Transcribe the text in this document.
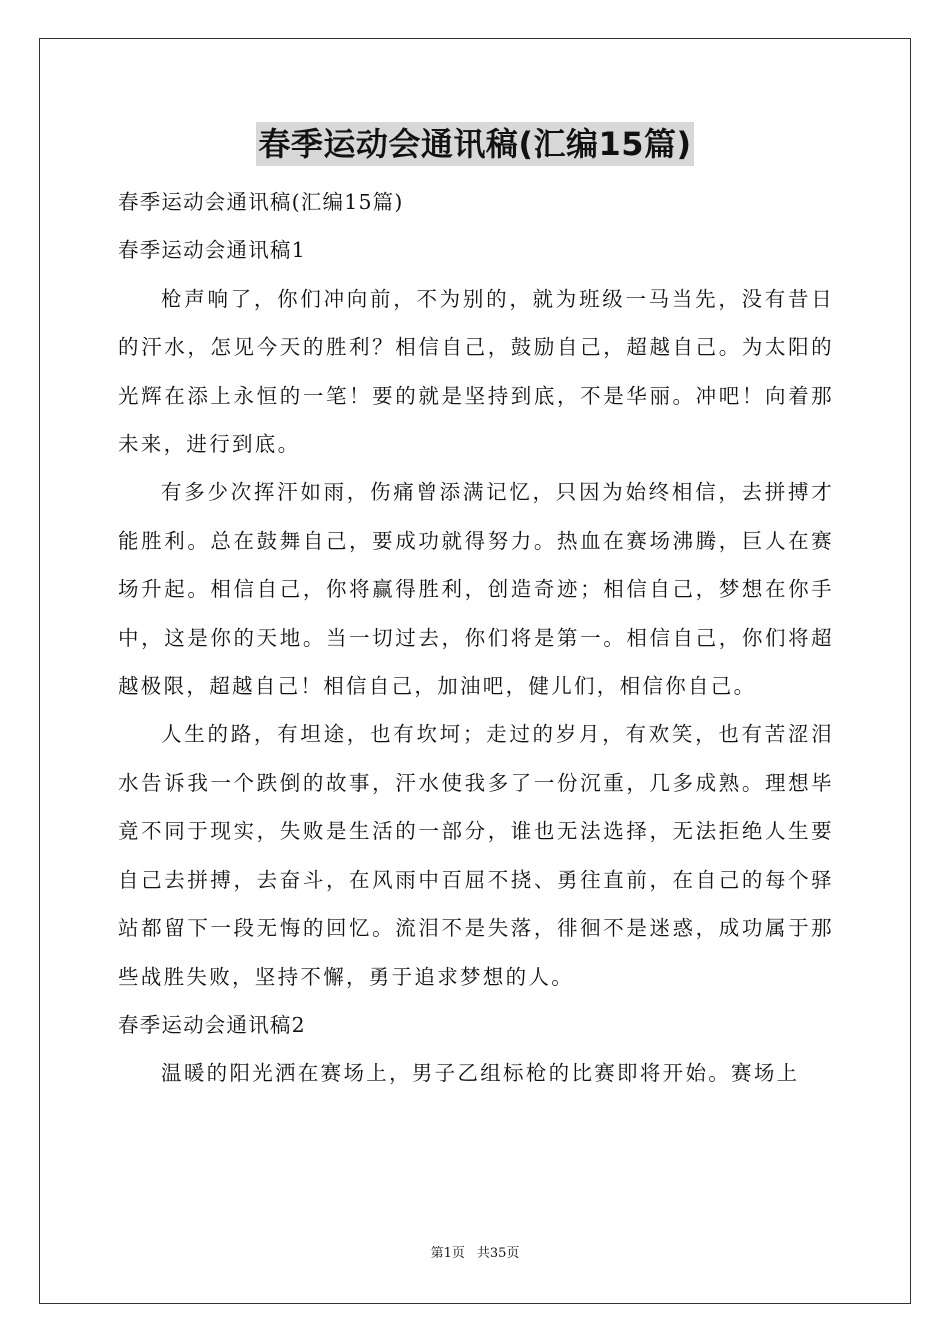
春季运动会通讯稿(汇编15篇)

春季运动会通讯稿(汇编15篇)

春季运动会通讯稿1

枪声响了，你们冲向前，不为别的，就为班级一马当先，没有昔日的汗水，怎见今天的胜利？相信自己，鼓励自己，超越自己。为太阳的光辉在添上永恒的一笔！要的就是坚持到底，不是华丽。冲吧！向着那未来，进行到底。

有多少次挥汗如雨，伤痛曾添满记忆，只因为始终相信，去拼搏才能胜利。总在鼓舞自己，要成功就得努力。热血在赛场沸腾，巨人在赛场升起。相信自己，你将赢得胜利，创造奇迹；相信自己，梦想在你手中，这是你的天地。当一切过去，你们将是第一。相信自己，你们将超越极限，超越自己！相信自己，加油吧，健儿们，相信你自己。

人生的路，有坦途，也有坎坷；走过的岁月，有欢笑，也有苦涩泪水告诉我一个跌倒的故事，汗水使我多了一份沉重，几多成熟。理想毕竟不同于现实，失败是生活的一部分，谁也无法选择，无法拒绝人生要自己去拼搏，去奋斗，在风雨中百屈不挠、勇往直前，在自己的每个驿站都留下一段无悔的回忆。流泪不是失落，徘徊不是迷惑，成功属于那些战胜失败，坚持不懈，勇于追求梦想的人。

春季运动会通讯稿2

温暖的阳光洒在赛场上，男子乙组标枪的比赛即将开始。赛场上

第1页 共35页
